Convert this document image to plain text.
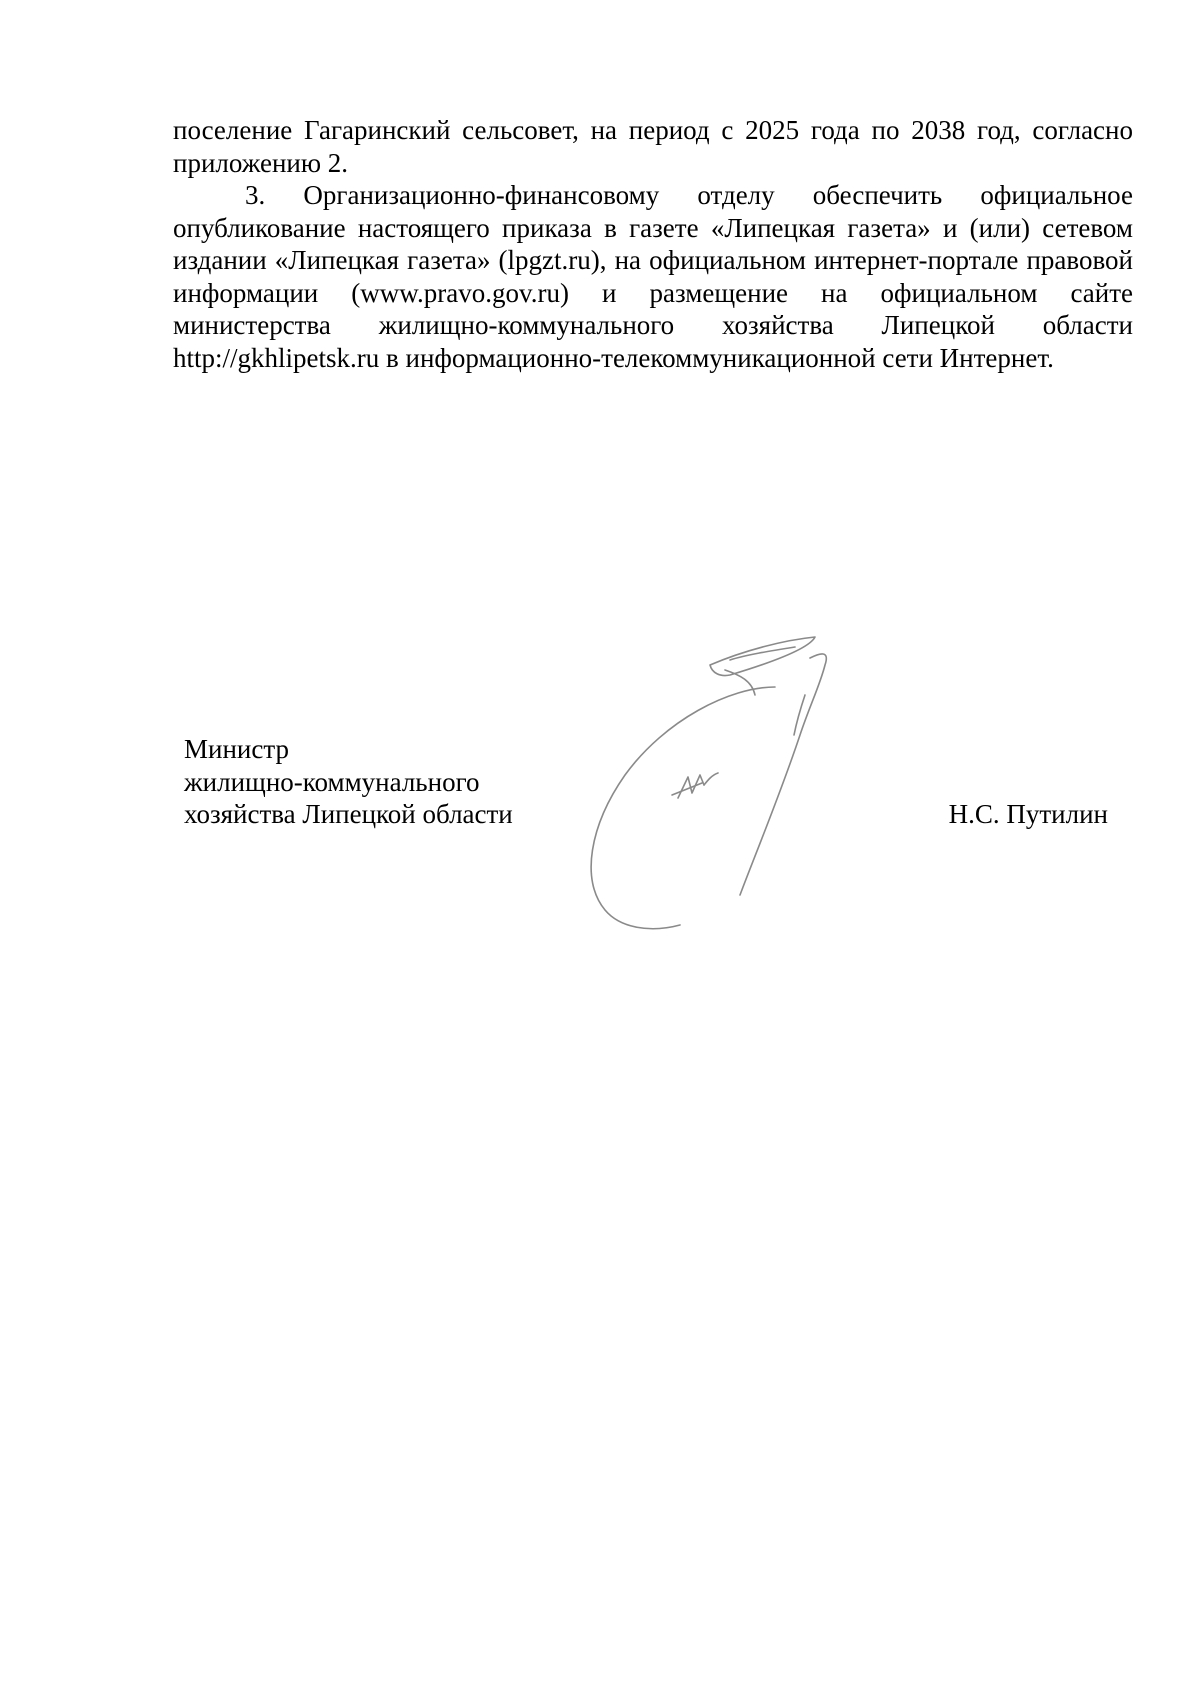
поселение Гагаринский сельсовет, на период с 2025 года по 2038 год, согласно приложению 2.

3. Организационно-финансовому отделу обеспечить официальное опубликование настоящего приказа в газете «Липецкая газета» и (или) сетевом издании «Липецкая газета» (lpgzt.ru), на официальном интернет-портале правовой информации (www.pravo.gov.ru) и размещение на официальном сайте министерства жилищно-коммунального хозяйства Липецкой области http://gkhlipetsk.ru в информационно-телекоммуникационной сети Интернет.

Министр
жилищно-коммунального
хозяйства Липецкой области	Н.С. Путилин
